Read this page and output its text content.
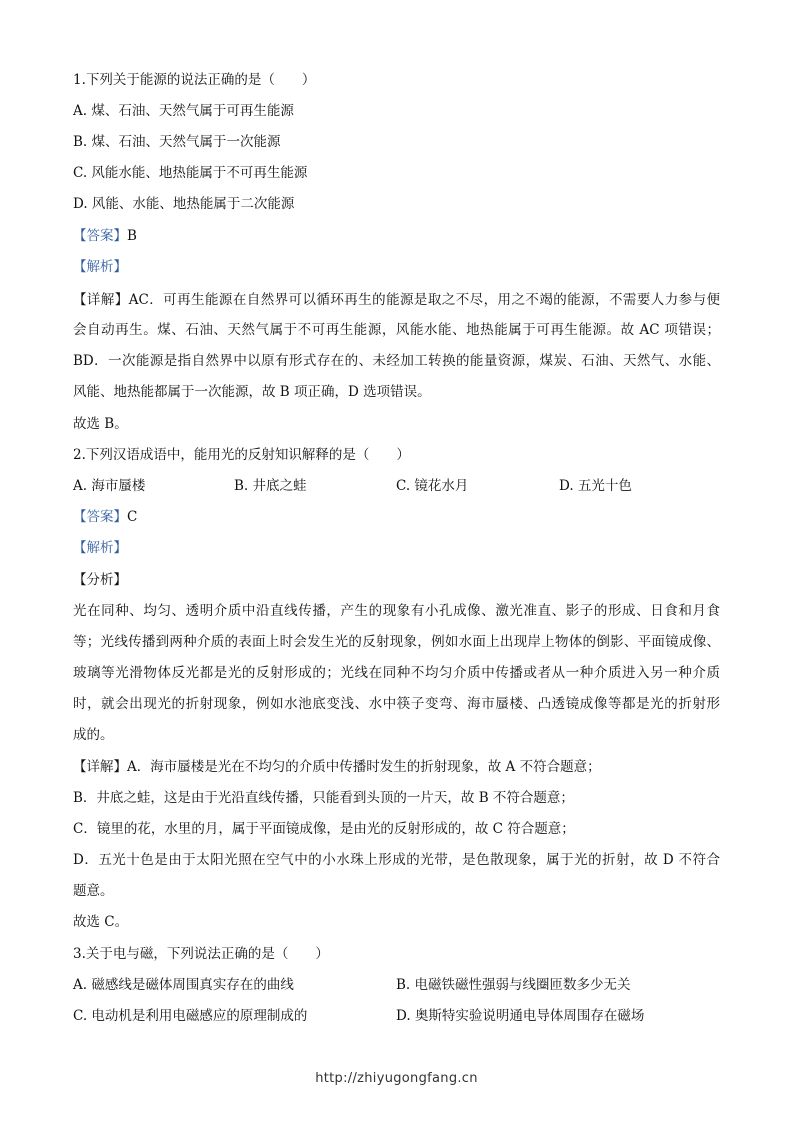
1.下列关于能源的说法正确的是（　　）
A. 煤、石油、天然气属于可再生能源
B. 煤、石油、天然气属于一次能源
C. 风能水能、地热能属于不可再生能源
D. 风能、水能、地热能属于二次能源
【答案】B
【解析】
【详解】AC．可再生能源在自然界可以循环再生的能源是取之不尽，用之不竭的能源，不需要人力参与便
会自动再生。煤、石油、天然气属于不可再生能源，风能水能、地热能属于可再生能源。故 AC 项错误；
BD．一次能源是指自然界中以原有形式存在的、未经加工转换的能量资源，煤炭、石油、天然气、水能、
风能、地热能都属于一次能源，故 B 项正确，D 选项错误。
故选 B。
2.下列汉语成语中，能用光的反射知识解释的是（　　）
A. 海市蜃楼	B. 井底之蛙	C. 镜花水月	D. 五光十色
【答案】C
【解析】
【分析】
光在同种、均匀、透明介质中沿直线传播，产生的现象有小孔成像、激光准直、影子的形成、日食和月食
等；光线传播到两种介质的表面上时会发生光的反射现象，例如水面上出现岸上物体的倒影、平面镜成像、
玻璃等光滑物体反光都是光的反射形成的；光线在同种不均匀介质中传播或者从一种介质进入另一种介质
时，就会出现光的折射现象，例如水池底变浅、水中筷子变弯、海市蜃楼、凸透镜成像等都是光的折射形
成的。
【详解】A．海市蜃楼是光在不均匀的介质中传播时发生的折射现象，故 A 不符合题意；
B．井底之蛙，这是由于光沿直线传播，只能看到头顶的一片天，故 B 不符合题意；
C．镜里的花，水里的月，属于平面镜成像，是由光的反射形成的，故 C 符合题意；
D．五光十色是由于太阳光照在空气中的小水珠上形成的光带，是色散现象，属于光的折射，故 D 不符合
题意。
故选 C。
3.关于电与磁，下列说法正确的是（　　）
A. 磁感线是磁体周围真实存在的曲线	B. 电磁铁磁性强弱与线圈匝数多少无关
C. 电动机是利用电磁感应的原理制成的	D. 奥斯特实验说明通电导体周围存在磁场
http://zhiyugongfang.cn
